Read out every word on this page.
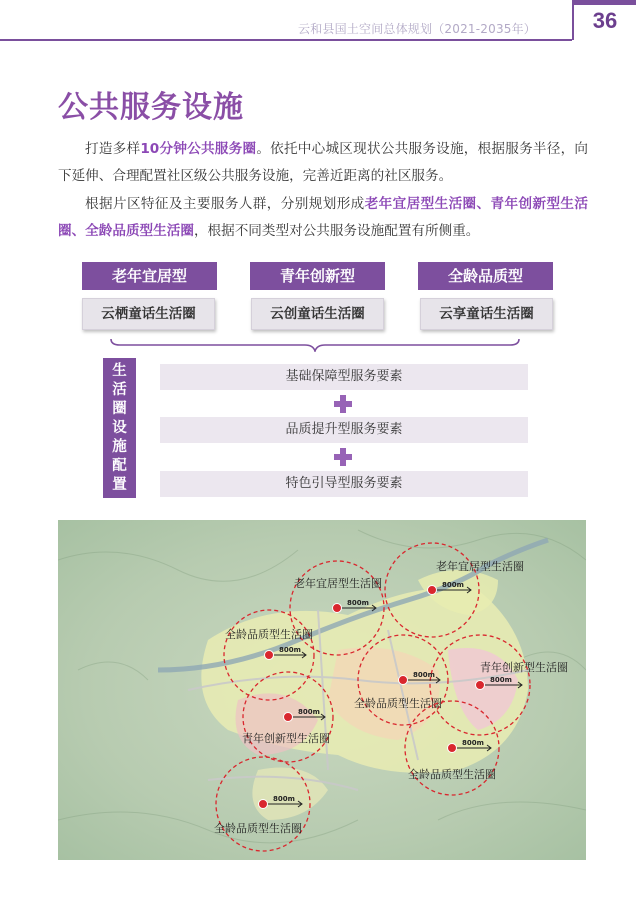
云和县国土空间总体规划（2021-2035年）	36
公共服务设施
打造多样10分钟公共服务圈。依托中心城区现状公共服务设施，根据服务半径，向下延伸、合理配置社区级公共服务设施，完善近距离的社区服务。
根据片区特征及主要服务人群，分别规划形成老年宜居型生活圈、青年创新型生活圈、全龄品质型生活圈，根据不同类型对公共服务设施配置有所侧重。
老年宜居型	青年创新型	全龄品质型
云栖童话生活圈	云创童话生活圈	云享童话生活圈
生
活
圈
设
施
配
置
基础保障型服务要素
品质提升型服务要素
特色引导型服务要素
800m
老年宜居型生活圈
800m
老年宜居型生活圈
800m
全龄品质型生活圈
800m
青年创新型生活圈
800m
全龄品质型生活圈
800m
青年创新型生活圈	800m
全龄品质型生活圈
800m
全龄品质型生活圈
